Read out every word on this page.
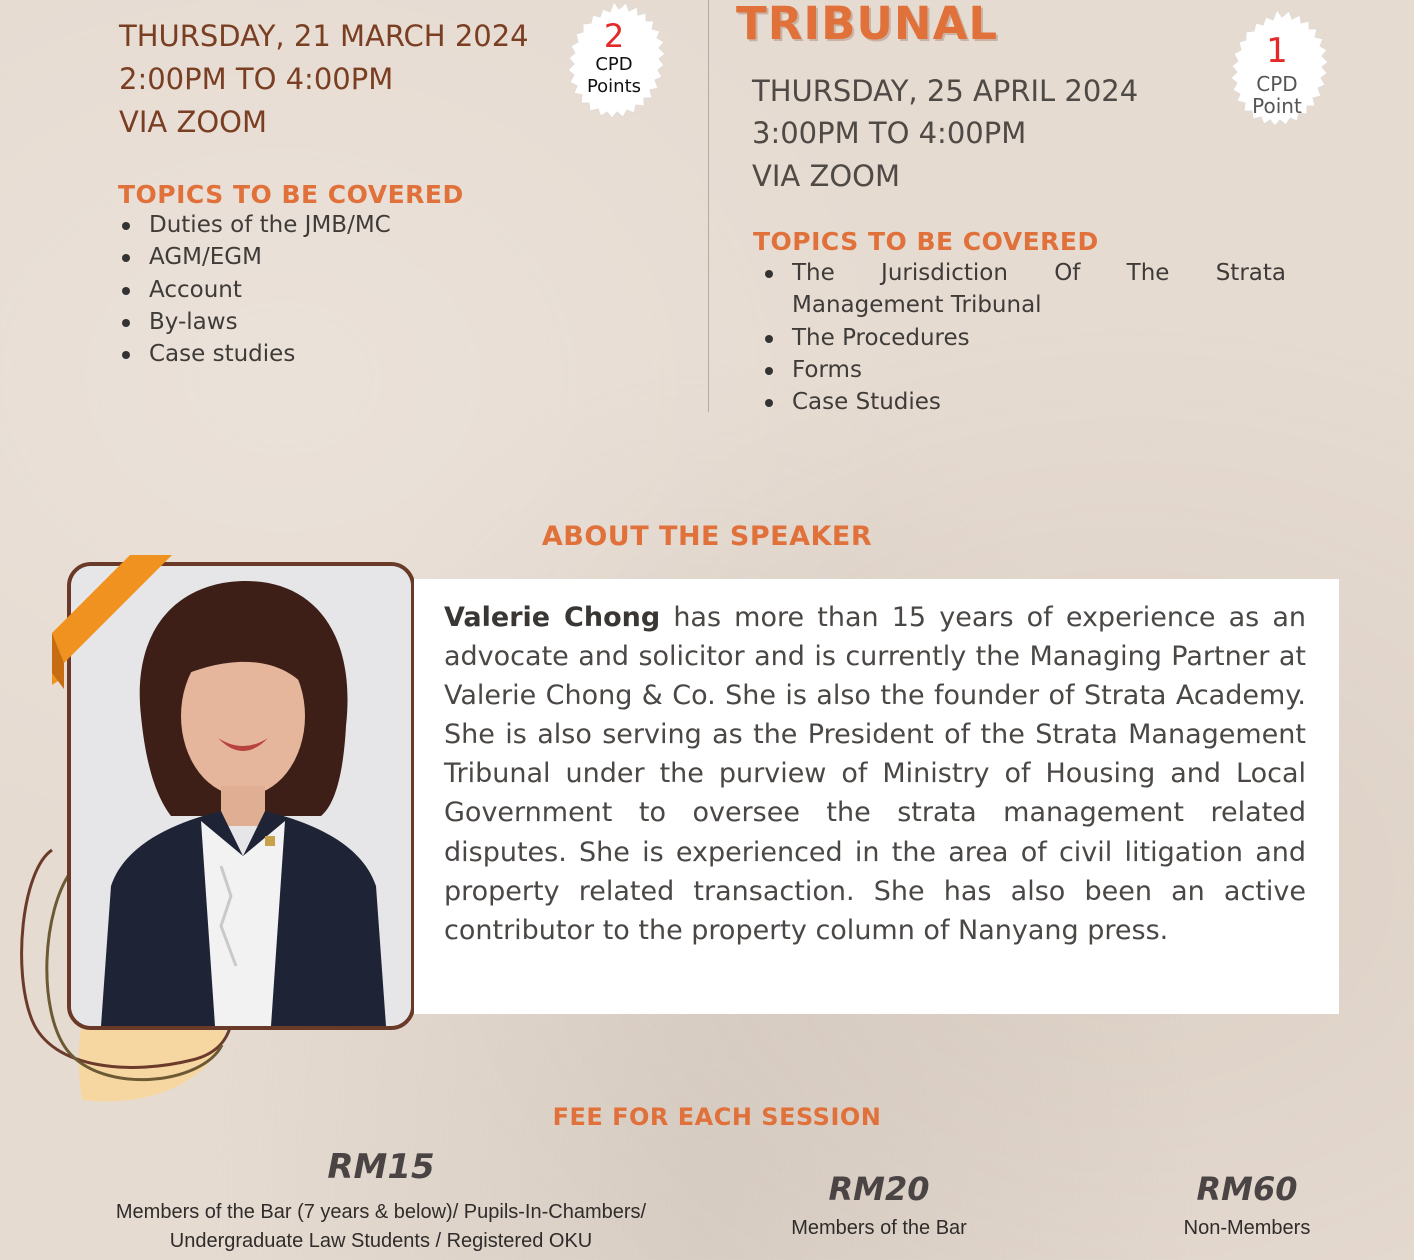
THURSDAY, 21 MARCH 2024
2:00PM TO 4:00PM
VIA ZOOM
2
CPD
Points
TOPICS TO BE COVERED
Duties of the JMB/MC
AGM/EGM
Account
By-laws
Case studies
TRIBUNAL
THURSDAY, 25 APRIL 2024
3:00PM TO 4:00PM
VIA ZOOM
1
CPD
Point
TOPICS TO BE COVERED
The Jurisdiction Of The Strata Management Tribunal
The Procedures
Forms
Case Studies
ABOUT THE SPEAKER
Valerie Chong has more than 15 years of experience as an advocate and solicitor and is currently the Managing Partner at Valerie Chong & Co. She is also the founder of Strata Academy. She is also serving as the President of the Strata Management Tribunal under the purview of Ministry of Housing and Local Government to oversee the strata management related disputes. She is experienced in the area of civil litigation and property related transaction. She has also been an active contributor to the property column of Nanyang press.
FEE FOR EACH SESSION
RM15
Members of the Bar (7 years & below)/ Pupils-In-Chambers/
Undergraduate Law Students / Registered OKU
RM20
Members of the Bar
RM60
Non-Members
